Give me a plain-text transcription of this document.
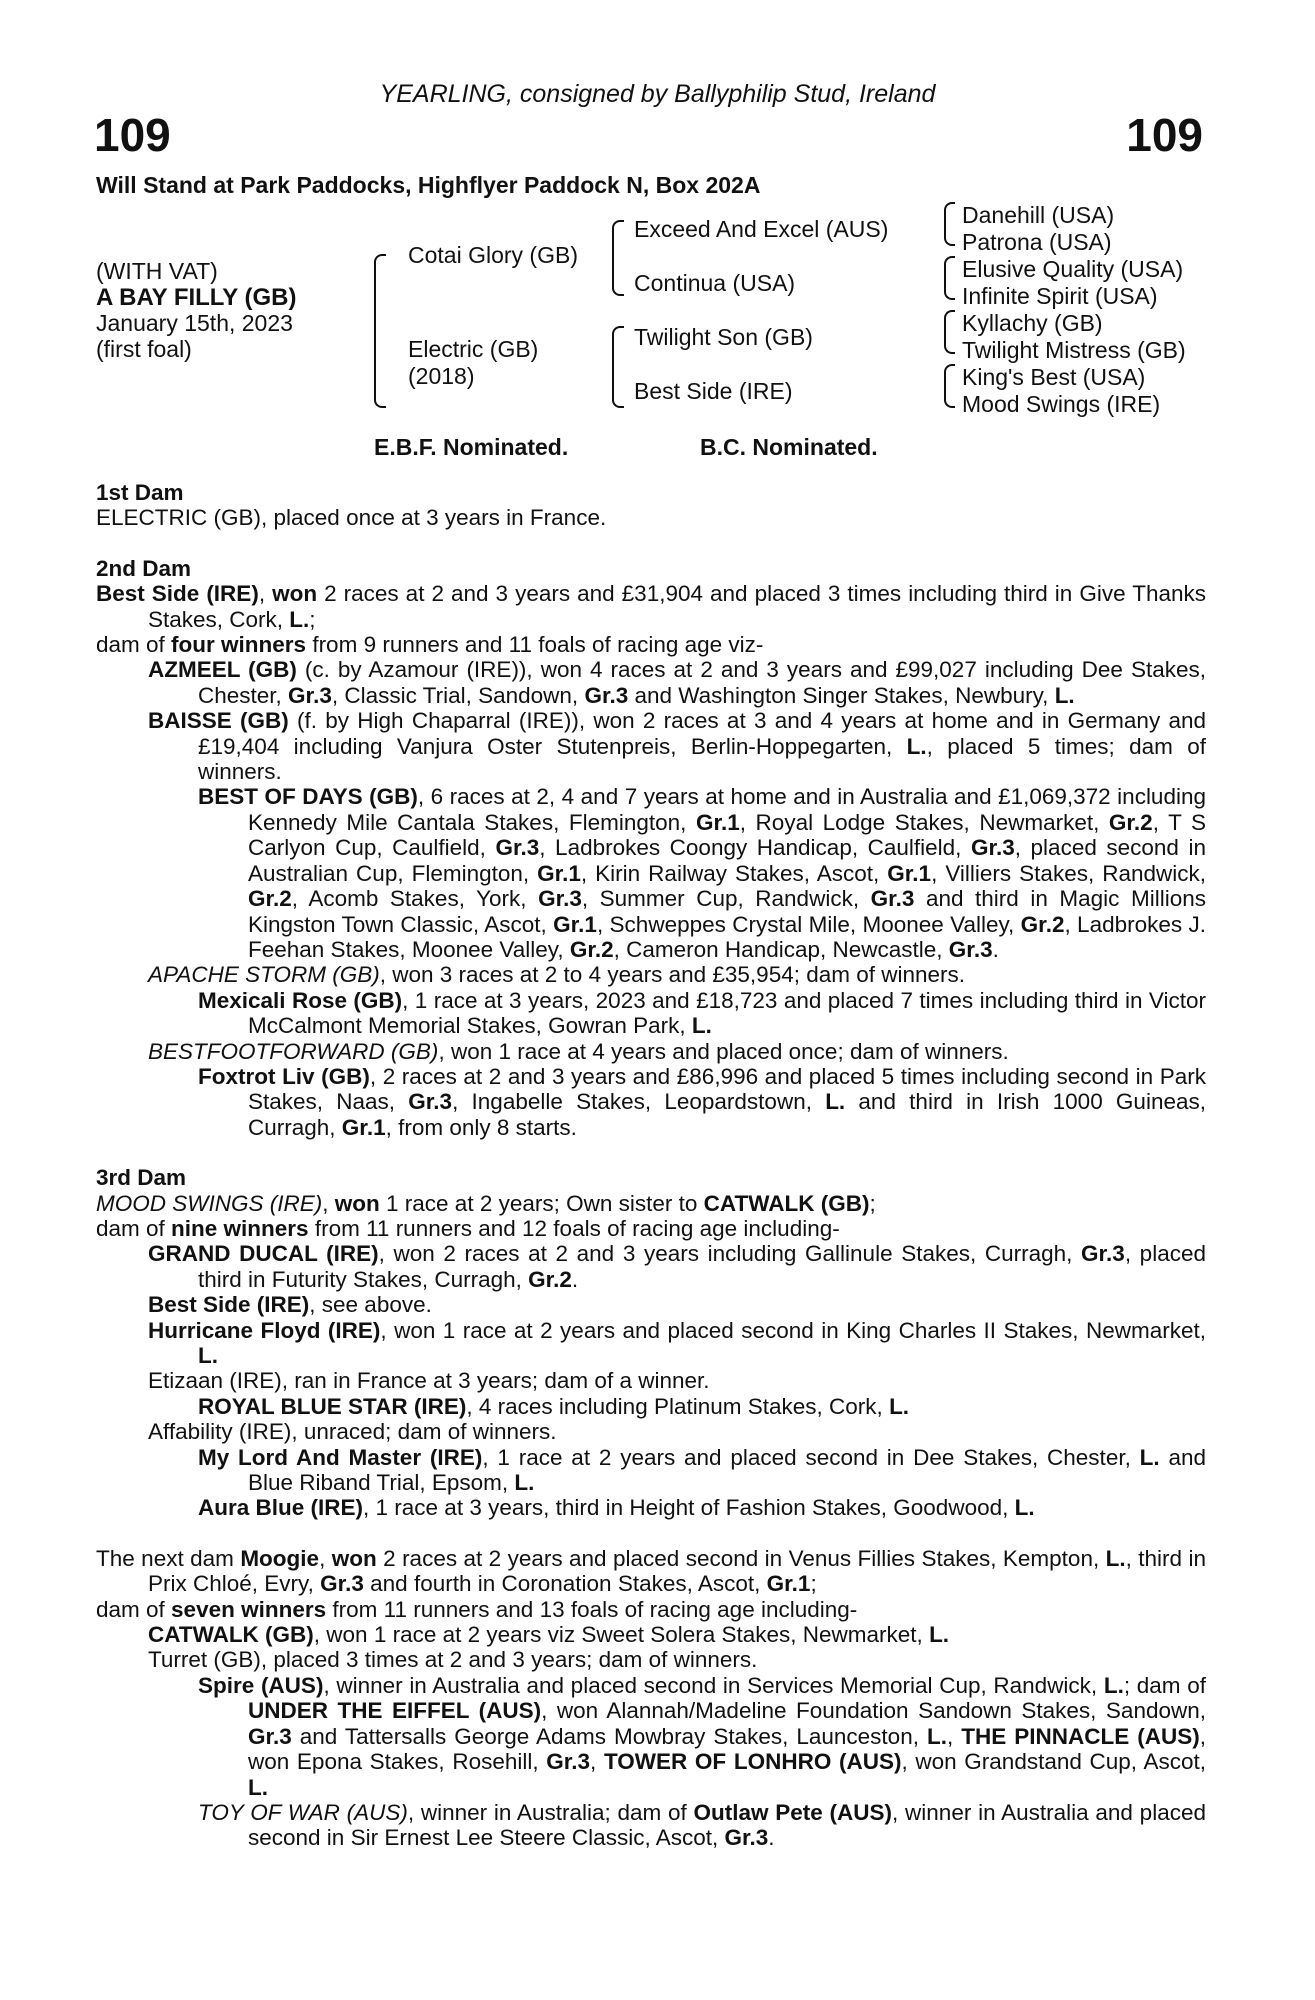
YEARLING, consigned by Ballyphilip Stud, Ireland
109	109
Will Stand at Park Paddocks, Highflyer Paddock N, Box 202A
(WITH VAT)
A BAY FILLY (GB)
January 15th, 2023
(first foal)
Cotai Glory (GB)
Electric (GB)
(2018)
Exceed And Excel (AUS)
Continua (USA)
Twilight Son (GB)
Best Side (IRE)
Danehill (USA)
Patrona (USA)
Elusive Quality (USA)
Infinite Spirit (USA)
Kyllachy (GB)
Twilight Mistress (GB)
King's Best (USA)
Mood Swings (IRE)
E.B.F. Nominated.	B.C. Nominated.

1st Dam

ELECTRIC (GB), placed once at 3 years in France.

2nd Dam

Best Side (IRE), won 2 races at 2 and 3 years and £31,904 and placed 3 times including third in Give Thanks Stakes, Cork, L.;

dam of four winners from 9 runners and 11 foals of racing age viz-

AZMEEL (GB) (c. by Azamour (IRE)), won 4 races at 2 and 3 years and £99,027 including Dee Stakes, Chester, Gr.3, Classic Trial, Sandown, Gr.3 and Washington Singer Stakes, Newbury, L.

BAISSE (GB) (f. by High Chaparral (IRE)), won 2 races at 3 and 4 years at home and in Germany and £19,404 including Vanjura Oster Stutenpreis, Berlin-Hoppegarten, L., placed 5 times; dam of winners.

BEST OF DAYS (GB), 6 races at 2, 4 and 7 years at home and in Australia and £1,069,372 including Kennedy Mile Cantala Stakes, Flemington, Gr.1, Royal Lodge Stakes, Newmarket, Gr.2, T S Carlyon Cup, Caulfield, Gr.3, Ladbrokes Coongy Handicap, Caulfield, Gr.3, placed second in Australian Cup, Flemington, Gr.1, Kirin Railway Stakes, Ascot, Gr.1, Villiers Stakes, Randwick, Gr.2, Acomb Stakes, York, Gr.3, Summer Cup, Randwick, Gr.3 and third in Magic Millions Kingston Town Classic, Ascot, Gr.1, Schweppes Crystal Mile, Moonee Valley, Gr.2, Ladbrokes J. Feehan Stakes, Moonee Valley, Gr.2, Cameron Handicap, Newcastle, Gr.3.

APACHE STORM (GB), won 3 races at 2 to 4 years and £35,954; dam of winners.

Mexicali Rose (GB), 1 race at 3 years, 2023 and £18,723 and placed 7 times including third in Victor McCalmont Memorial Stakes, Gowran Park, L.

BESTFOOTFORWARD (GB), won 1 race at 4 years and placed once; dam of winners.

Foxtrot Liv (GB), 2 races at 2 and 3 years and £86,996 and placed 5 times including second in Park Stakes, Naas, Gr.3, Ingabelle Stakes, Leopardstown, L. and third in Irish 1000 Guineas, Curragh, Gr.1, from only 8 starts.

3rd Dam

MOOD SWINGS (IRE), won 1 race at 2 years; Own sister to CATWALK (GB);

dam of nine winners from 11 runners and 12 foals of racing age including-

GRAND DUCAL (IRE), won 2 races at 2 and 3 years including Gallinule Stakes, Curragh, Gr.3, placed third in Futurity Stakes, Curragh, Gr.2.

Best Side (IRE), see above.

Hurricane Floyd (IRE), won 1 race at 2 years and placed second in King Charles II Stakes, Newmarket, L.

Etizaan (IRE), ran in France at 3 years; dam of a winner.

ROYAL BLUE STAR (IRE), 4 races including Platinum Stakes, Cork, L.

Affability (IRE), unraced; dam of winners.

My Lord And Master (IRE), 1 race at 2 years and placed second in Dee Stakes, Chester, L. and Blue Riband Trial, Epsom, L.

Aura Blue (IRE), 1 race at 3 years, third in Height of Fashion Stakes, Goodwood, L.

The next dam Moogie, won 2 races at 2 years and placed second in Venus Fillies Stakes, Kempton, L., third in Prix Chloé, Evry, Gr.3 and fourth in Coronation Stakes, Ascot, Gr.1;

dam of seven winners from 11 runners and 13 foals of racing age including-

CATWALK (GB), won 1 race at 2 years viz Sweet Solera Stakes, Newmarket, L.

Turret (GB), placed 3 times at 2 and 3 years; dam of winners.

Spire (AUS), winner in Australia and placed second in Services Memorial Cup, Randwick, L.; dam of UNDER THE EIFFEL (AUS), won Alannah/Madeline Foundation Sandown Stakes, Sandown, Gr.3 and Tattersalls George Adams Mowbray Stakes, Launceston, L., THE PINNACLE (AUS), won Epona Stakes, Rosehill, Gr.3, TOWER OF LONHRO (AUS), won Grandstand Cup, Ascot, L.

TOY OF WAR (AUS), winner in Australia; dam of Outlaw Pete (AUS), winner in Australia and placed second in Sir Ernest Lee Steere Classic, Ascot, Gr.3.
